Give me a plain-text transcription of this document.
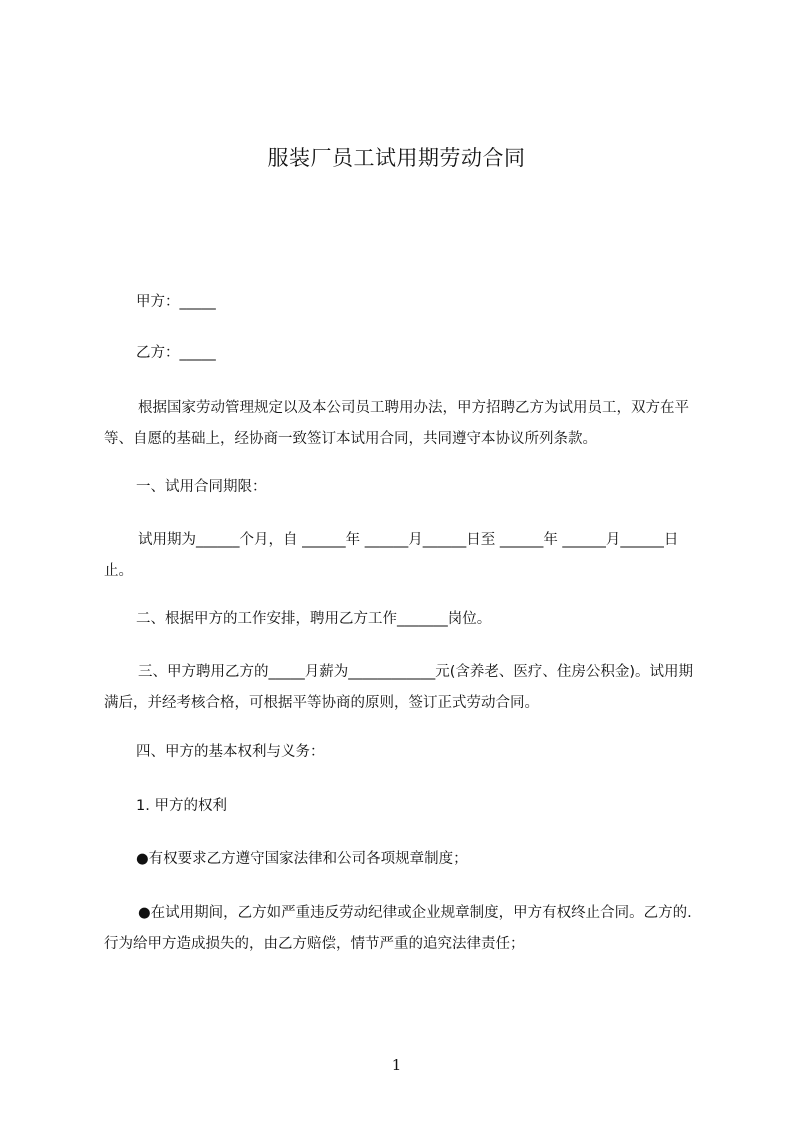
服装厂员工试用期劳动合同

甲方：_____

乙方：_____

根据国家劳动管理规定以及本公司员工聘用办法，甲方招聘乙方为试用员工，双方在平等、自愿的基础上，经协商一致签订本试用合同，共同遵守本协议所列条款。

一、试用合同期限：

试用期为______个月，自 ______年 ______月______日至 ______年 ______月______日止。

二、根据甲方的工作安排，聘用乙方工作_______岗位。

三、甲方聘用乙方的_____月薪为____________元(含养老、医疗、住房公积金)。试用期满后，并经考核合格，可根据平等协商的原则，签订正式劳动合同。

四、甲方的基本权利与义务：

1. 甲方的权利

●有权要求乙方遵守国家法律和公司各项规章制度；

●在试用期间，乙方如严重违反劳动纪律或企业规章制度，甲方有权终止合同。乙方的. 行为给甲方造成损失的，由乙方赔偿，情节严重的追究法律责任；

1
